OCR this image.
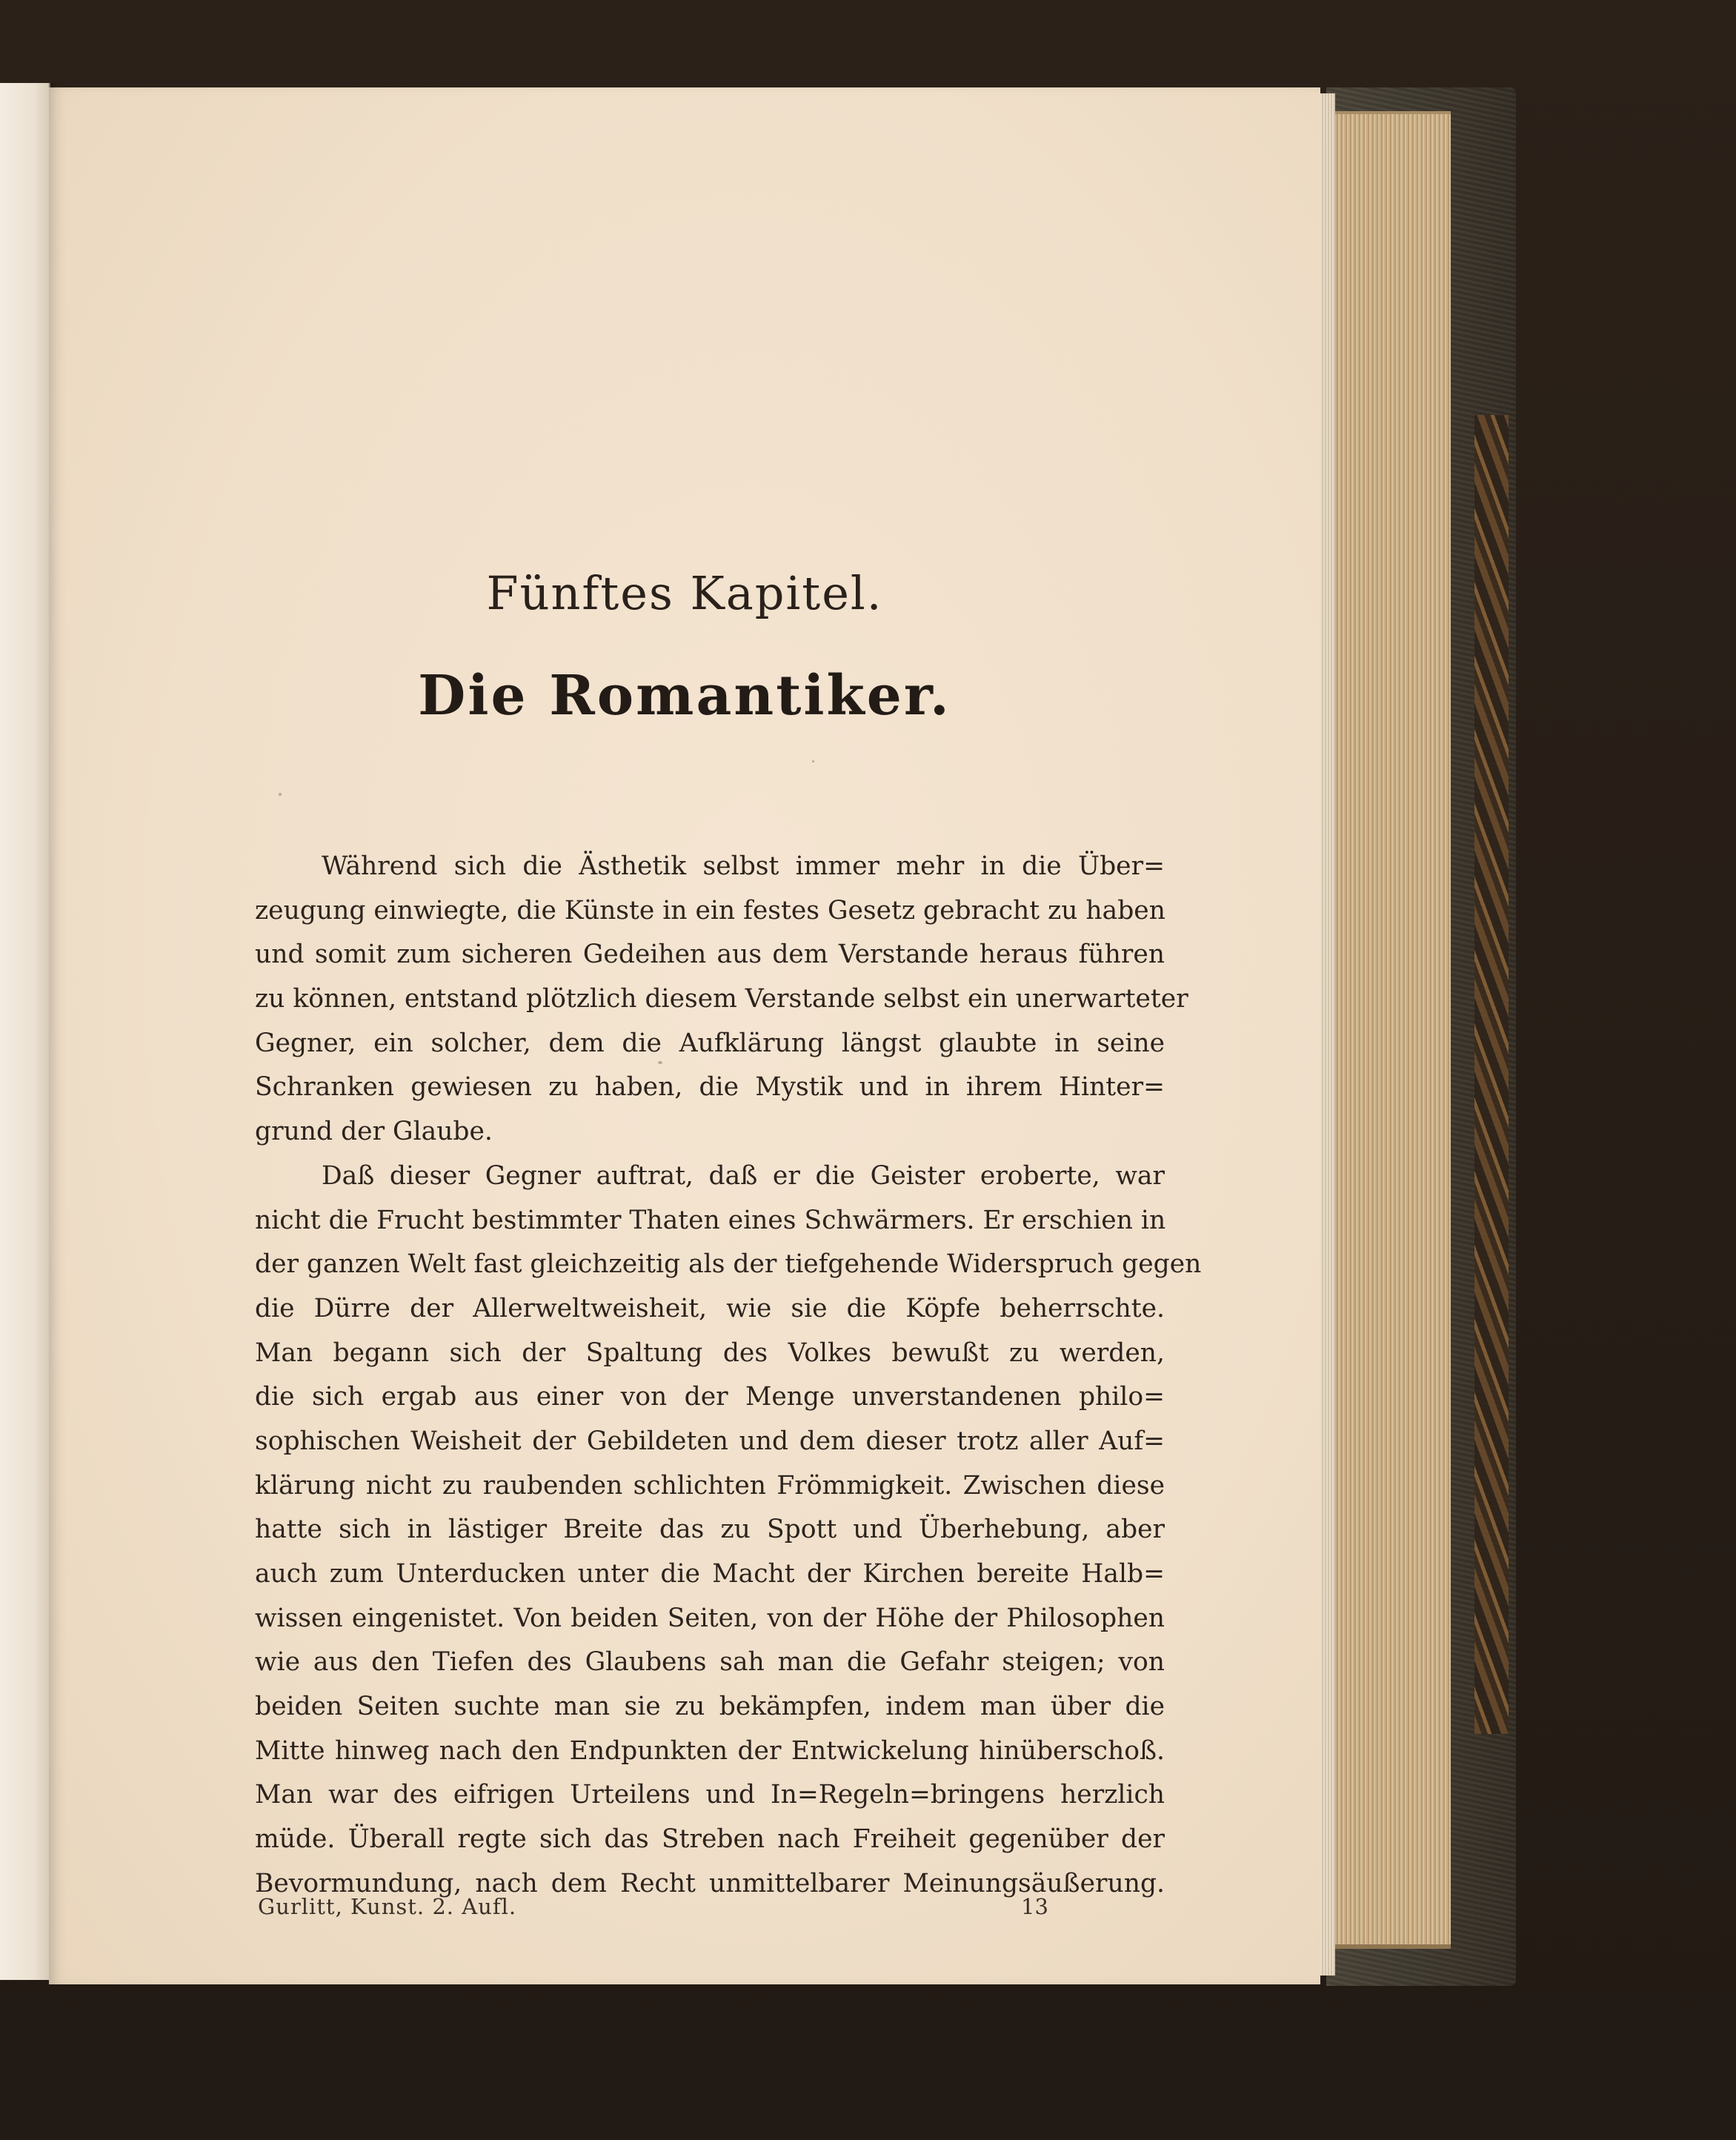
Fünftes Kapitel.
Die Romantiker.
Während sich die Ästhetik selbst immer mehr in die Über=
zeugung einwiegte, die Künste in ein festes Gesetz gebracht zu haben
und somit zum sicheren Gedeihen aus dem Verstande heraus führen
zu können, entstand plötzlich diesem Verstande selbst ein unerwarteter
Gegner, ein solcher, dem die Aufklärung längst glaubte in seine
Schranken gewiesen zu haben, die Mystik und in ihrem Hinter=
grund der Glaube.
Daß dieser Gegner auftrat, daß er die Geister eroberte, war
nicht die Frucht bestimmter Thaten eines Schwärmers. Er erschien in
der ganzen Welt fast gleichzeitig als der tiefgehende Widerspruch gegen
die Dürre der Allerweltweisheit, wie sie die Köpfe beherrschte.
Man begann sich der Spaltung des Volkes bewußt zu werden,
die sich ergab aus einer von der Menge unverstandenen philo=
sophischen Weisheit der Gebildeten und dem dieser trotz aller Auf=
klärung nicht zu raubenden schlichten Frömmigkeit. Zwischen diese
hatte sich in lästiger Breite das zu Spott und Überhebung, aber
auch zum Unterducken unter die Macht der Kirchen bereite Halb=
wissen eingenistet. Von beiden Seiten, von der Höhe der Philosophen
wie aus den Tiefen des Glaubens sah man die Gefahr steigen; von
beiden Seiten suchte man sie zu bekämpfen, indem man über die
Mitte hinweg nach den Endpunkten der Entwickelung hinüberschoß.
Man war des eifrigen Urteilens und In=Regeln=bringens herzlich
müde. Überall regte sich das Streben nach Freiheit gegenüber der
Bevormundung, nach dem Recht unmittelbarer Meinungsäußerung.
Gurlitt, Kunst. 2. Aufl.	13
